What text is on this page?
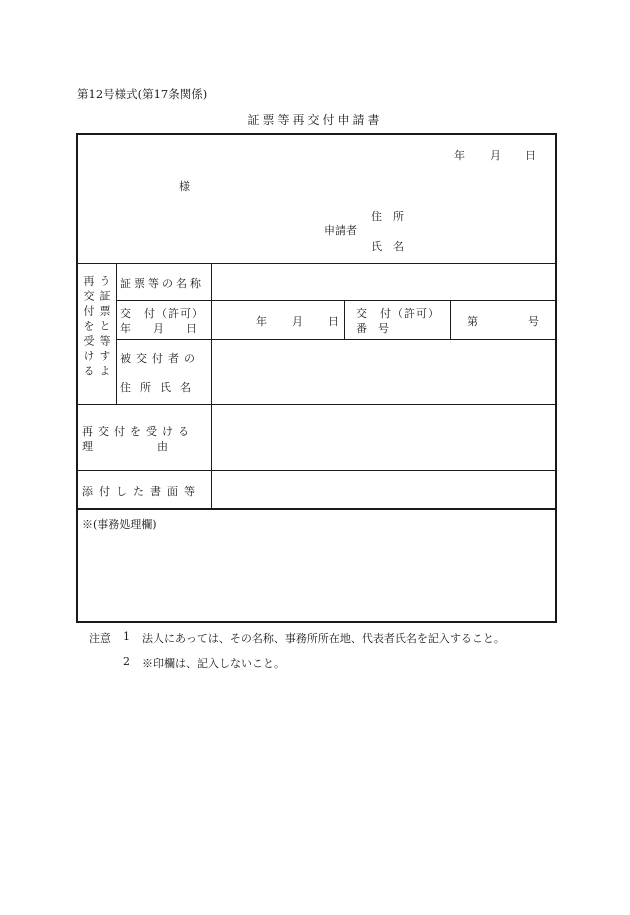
第12号様式(第17条関係)
証票等再交付申請書
年 月 日
様
申請者
住　所
氏　名
再交付を受ける う証票と等すよ 証票等の名称
交　付（許可）
年　　月　　日
年 月 日
交　付（許可）
番　号
第	号
被交付者の
住所氏名
再交付を受ける
理　　　　由
添付した書面等
※(事務処理欄)
注意 1 法人にあっては、その名称、事務所所在地、代表者氏名を記入すること。
2 ※印欄は、記入しないこと。
